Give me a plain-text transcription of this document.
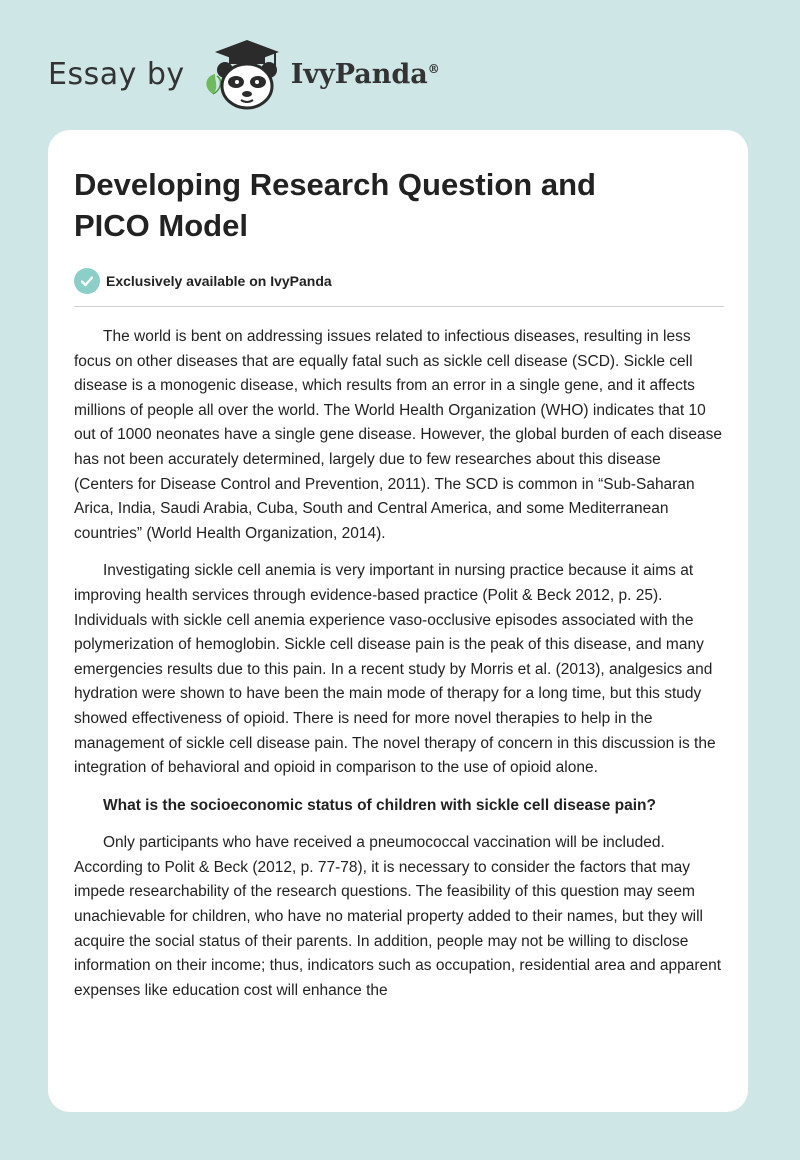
Essay by	IvyPanda®
Developing Research Question and PICO Model
Exclusively available on IvyPanda

The world is bent on addressing issues related to infectious diseases, resulting in less focus on other diseases that are equally fatal such as sickle cell disease (SCD). Sickle cell disease is a monogenic disease, which results from an error in a single gene, and it affects millions of people all over the world. The World Health Organization (WHO) indicates that 10 out of 1000 neonates have a single gene disease. However, the global burden of each disease has not been accurately determined, largely due to few researches about this disease (Centers for Disease Control and Prevention, 2011). The SCD is common in “Sub-Saharan Arica, India, Saudi Arabia, Cuba, South and Central America, and some Mediterranean countries” (World Health Organization, 2014).

Investigating sickle cell anemia is very important in nursing practice because it aims at improving health services through evidence-based practice (Polit & Beck 2012, p. 25). Individuals with sickle cell anemia experience vaso-occlusive episodes associated with the polymerization of hemoglobin. Sickle cell disease pain is the peak of this disease, and many emergencies results due to this pain. In a recent study by Morris et al. (2013), analgesics and hydration were shown to have been the main mode of therapy for a long time, but this study showed effectiveness of opioid. There is need for more novel therapies to help in the management of sickle cell disease pain. The novel therapy of concern in this discussion is the integration of behavioral and opioid in comparison to the use of opioid alone.

What is the socioeconomic status of children with sickle cell disease pain?

Only participants who have received a pneumococcal vaccination will be included. According to Polit & Beck (2012, p. 77-78), it is necessary to consider the factors that may impede researchability of the research questions. The feasibility of this question may seem unachievable for children, who have no material property added to their names, but they will acquire the social status of their parents. In addition, people may not be willing to disclose information on their income; thus, indicators such as occupation, residential area and apparent expenses like education cost will enhance the
